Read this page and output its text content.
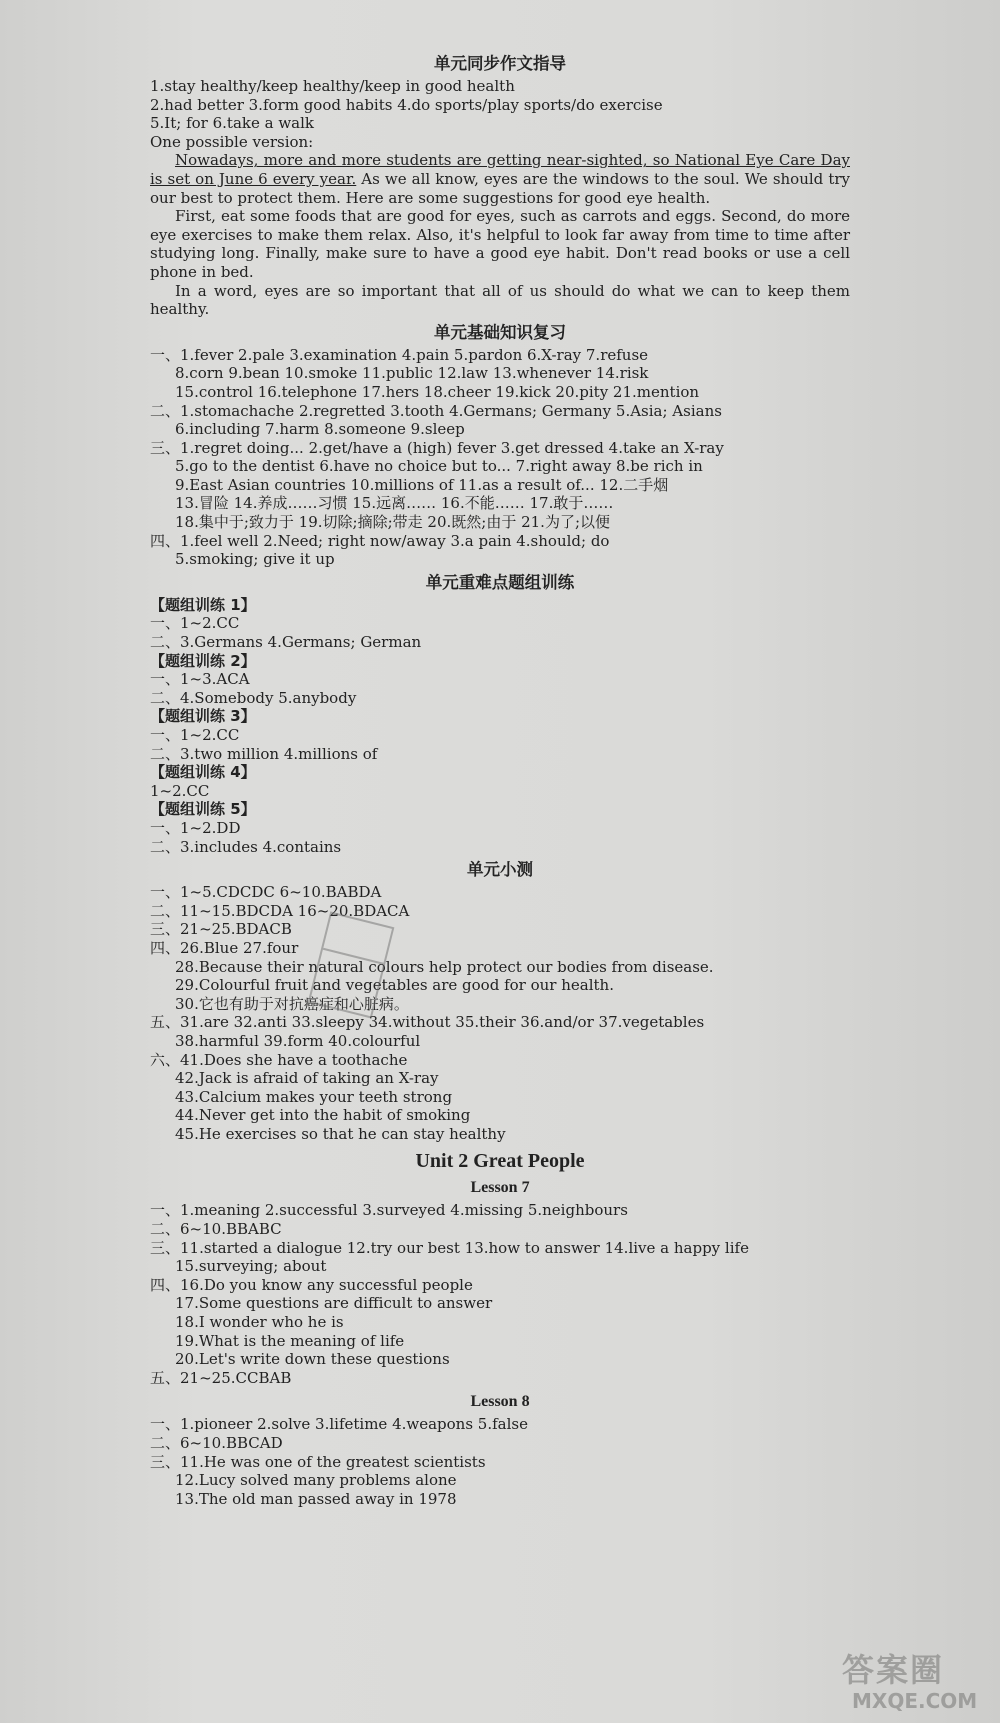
单元同步作文指导
1.stay healthy/keep healthy/keep in good health
2.had better 3.form good habits 4.do sports/play sports/do exercise
5.It; for 6.take a walk
One possible version:

Nowadays, more and more students are getting near-sighted, so National Eye Care Day is set on June 6 every year. As we all know, eyes are the windows to the soul. We should try our best to protect them. Here are some suggestions for good eye health.

First, eat some foods that are good for eyes, such as carrots and eggs. Second, do more eye exercises to make them relax. Also, it's helpful to look far away from time to time after studying long. Finally, make sure to have a good eye habit. Don't read books or use a cell phone in bed.

In a word, eyes are so important that all of us should do what we can to keep them healthy.

单元基础知识复习
一、1.fever 2.pale 3.examination 4.pain 5.pardon 6.X-ray 7.refuse
8.corn 9.bean 10.smoke 11.public 12.law 13.whenever 14.risk
15.control 16.telephone 17.hers 18.cheer 19.kick 20.pity 21.mention
二、1.stomachache 2.regretted 3.tooth 4.Germans; Germany 5.Asia; Asians
6.including 7.harm 8.someone 9.sleep
三、1.regret doing... 2.get/have a (high) fever 3.get dressed 4.take an X-ray
5.go to the dentist 6.have no choice but to... 7.right away 8.be rich in
9.East Asian countries 10.millions of 11.as a result of... 12.二手烟
13.冒险 14.养成……习惯 15.远离…… 16.不能…… 17.敢于……
18.集中于;致力于 19.切除;摘除;带走 20.既然;由于 21.为了;以便
四、1.feel well 2.Need; right now/away 3.a pain 4.should; do
5.smoking; give it up
单元重难点题组训练
【题组训练 1】
一、1~2.CC
二、3.Germans 4.Germans; German
【题组训练 2】
一、1~3.ACA
二、4.Somebody 5.anybody
【题组训练 3】
一、1~2.CC
二、3.two million 4.millions of
【题组训练 4】
1~2.CC
【题组训练 5】
一、1~2.DD
二、3.includes 4.contains
单元小测
一、1~5.CDCDC 6~10.BABDA
二、11~15.BDCDA 16~20.BDACA
三、21~25.BDACB
四、26.Blue 27.four
28.Because their natural colours help protect our bodies from disease.
29.Colourful fruit and vegetables are good for our health.
30.它也有助于对抗癌症和心脏病。
五、31.are 32.anti 33.sleepy 34.without 35.their 36.and/or 37.vegetables
38.harmful 39.form 40.colourful
六、41.Does she have a toothache
42.Jack is afraid of taking an X-ray
43.Calcium makes your teeth strong
44.Never get into the habit of smoking
45.He exercises so that he can stay healthy
Unit 2 Great People
Lesson 7
一、1.meaning 2.successful 3.surveyed 4.missing 5.neighbours
二、6~10.BBABC
三、11.started a dialogue 12.try our best 13.how to answer 14.live a happy life
15.surveying; about
四、16.Do you know any successful people
17.Some questions are difficult to answer
18.I wonder who he is
19.What is the meaning of life
20.Let's write down these questions
五、21~25.CCBAB
Lesson 8
一、1.pioneer 2.solve 3.lifetime 4.weapons 5.false
二、6~10.BBCAD
三、11.He was one of the greatest scientists
12.Lucy solved many problems alone
13.The old man passed away in 1978
答案圈
MXQE.COM
